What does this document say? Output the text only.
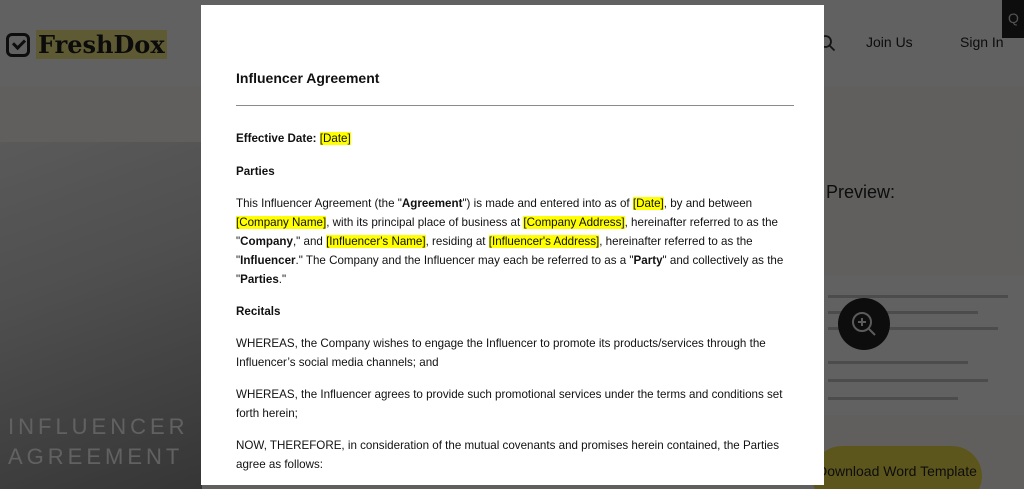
Influencer Agreement
Effective Date: [Date]
Parties
This Influencer Agreement (the "Agreement") is made and entered into as of [Date], by and between [Company Name], with its principal place of business at [Company Address], hereinafter referred to as the "Company," and [Influencer's Name], residing at [Influencer's Address], hereinafter referred to as the "Influencer." The Company and the Influencer may each be referred to as a "Party" and collectively as the "Parties."
Recitals
WHEREAS, the Company wishes to engage the Influencer to promote its products/services through the Influencer’s social media channels; and
WHEREAS, the Influencer agrees to provide such promotional services under the terms and conditions set forth herein;
NOW, THEREFORE, in consideration of the mutual covenants and promises herein contained, the Parties agree as follows:
